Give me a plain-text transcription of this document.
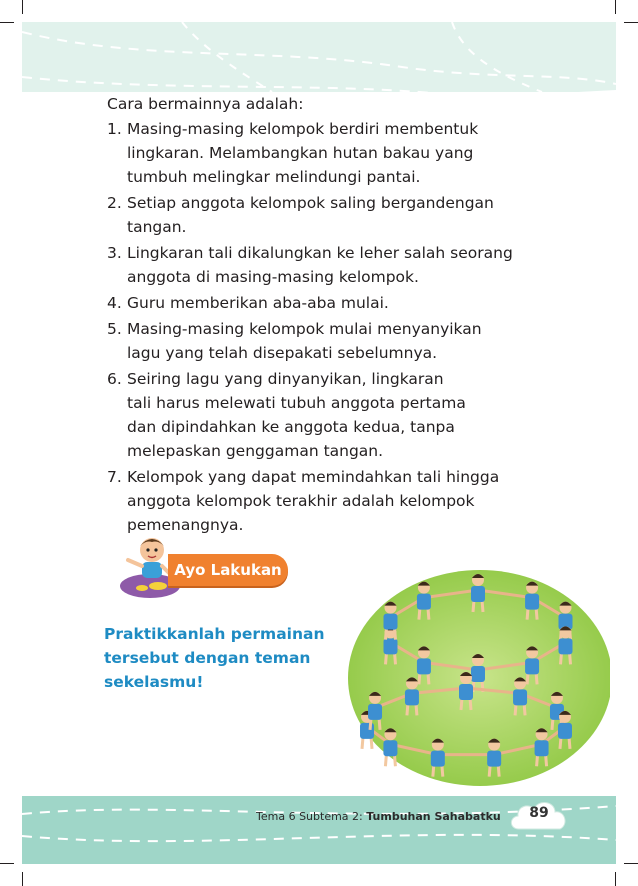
Cara bermainnya adalah:
1. Masing-masing kelompok berdiri membentuk
lingkaran. Melambangkan hutan bakau yang
tumbuh melingkar melindungi pantai.
2. Setiap anggota kelompok saling bergandengan
tangan.
3. Lingkaran tali dikalungkan ke leher salah seorang
anggota di masing-masing kelompok.
4. Guru memberikan aba-aba mulai.
5. Masing-masing kelompok mulai menyanyikan
lagu yang telah disepakati sebelumnya.
6. Seiring lagu yang dinyanyikan, lingkaran
tali harus melewati tubuh anggota pertama
dan dipindahkan ke anggota kedua, tanpa
melepaskan genggaman tangan.
7. Kelompok yang dapat memindahkan tali hingga
anggota kelompok terakhir adalah kelompok
pemenangnya.
Ayo Lakukan
Praktikkanlah permainan
tersebut dengan teman
sekelasmu!
Tema 6 Subtema 2: Tumbuhan Sahabatku	89
